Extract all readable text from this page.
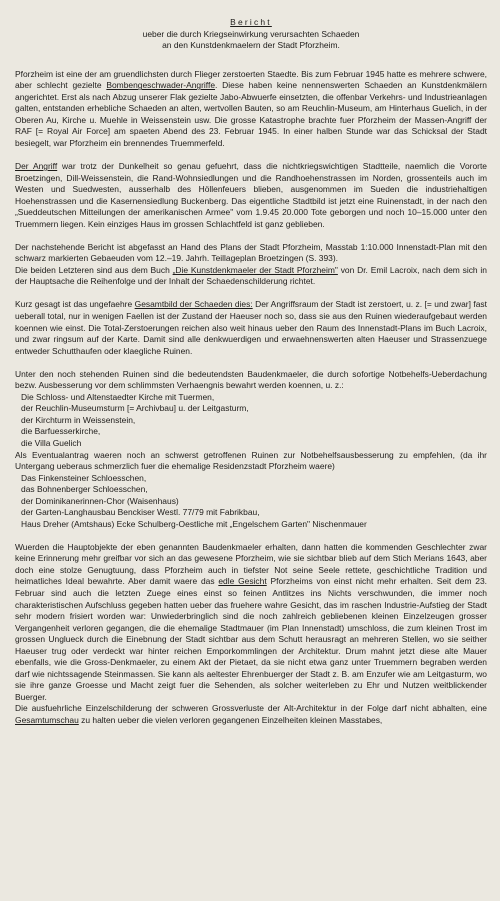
Bericht
ueber die durch Kriegseinwirkung verursachten Schaeden
an den Kunstdenkmaelern der Stadt Pforzheim.

Pforzheim ist eine der am gruendlichsten durch Flieger zerstoerten Staedte. Bis zum Februar 1945 hatte es mehrere schwere, aber schlecht gezielte Bombengeschwader-Angriffe. Diese haben keine nennenswerten Schaeden an Kunstdenkmälern angerichtet. Erst als nach Abzug unserer Flak gezielte Jabo-Abwuerfe einsetzten, die offenbar Verkehrs- und Industrieanlagen galten, entstanden erhebliche Schaeden an alten, wertvollen Bauten, so am Reuchlin-Museum, am Hinterhaus Guelich, in der Oberen Au, Kirche u. Muehle in Weissenstein usw. Die grosse Katastrophe brachte fuer Pforzheim der Massen-Angriff der RAF [= Royal Air Force] am spaeten Abend des 23. Februar 1945. In einer halben Stunde war das Schicksal der Stadt besiegelt, war Pforzheim ein brennendes Truemmerfeld.

Der Angriff war trotz der Dunkelheit so genau gefuehrt, dass die nichtkriegswichtigen Stadtteile, naemlich die Vororte Broetzingen, Dill-Weissenstein, die Rand-Wohnsiedlungen und die Randhoehenstrassen im Norden, grossenteils auch im Westen und Suedwesten, ausserhalb des Höllenfeuers blieben, ausgenommen im Sueden die industriehaltigen Hoehenstrassen und die Kasernensiedlung Buckenberg. Das eigentliche Stadtbild ist jetzt eine Ruinenstadt, in der nach den „Sueddeutschen Mitteilungen der amerikanischen Armee" vom 1.9.45 20.000 Tote geborgen und noch 10–15.000 unter den Truemmern liegen. Kein einziges Haus im grossen Schlachtfeld ist ganz geblieben.

Der nachstehende Bericht ist abgefasst an Hand des Plans der Stadt Pforzheim, Masstab 1:10.000 Innenstadt-Plan mit den schwarz markierten Gebaeuden vom 12.–19. Jahrh. Teillageplan Broetzingen (S. 393).
Die beiden Letzteren sind aus dem Buch „Die Kunstdenkmaeler der Stadt Pforzheim" von Dr. Emil Lacroix, nach dem sich in der Hauptsache die Reihenfolge und der Inhalt der Schaedenschilderung richtet.

Kurz gesagt ist das ungefaehre Gesamtbild der Schaeden dies: Der Angriffsraum der Stadt ist zerstoert, u. z. [= und zwar] fast ueberall total, nur in wenigen Faellen ist der Zustand der Haeuser noch so, dass sie aus den Ruinen wiederaufgebaut werden koennen wie einst. Die Total-Zerstoerungen reichen also weit hinaus ueber den Raum des Innenstadt-Plans im Buch Lacroix, und zwar ringsum auf der Karte. Damit sind alle denkwuerdigen und erwaehnenswerten alten Haeuser und Strassenzuege entweder Schutthaufen oder klaegliche Ruinen.

Unter den noch stehenden Ruinen sind die bedeutendsten Baudenkmaeler, die durch sofortige Notbehelfs-Ueberdachung bezw. Ausbesserung vor dem schlimmsten Verhaengnis bewahrt werden koennen, u. z.:

Die Schloss- und Altenstaedter Kirche mit Tuermen,
der Reuchlin-Museumsturm [= Archivbau] u. der Leitgasturm,
der Kirchturm in Weissenstein,
die Barfuesserkirche,
die Villa Guelich

Als Eventualantrag waeren noch an schwerst getroffenen Ruinen zur Notbehelfsausbesserung zu empfehlen, (da ihr Untergang ueberaus schmerzlich fuer die ehemalige Residenzstadt Pforzheim waere)

Das Finkensteiner Schloesschen,
das Bohnenberger Schloesschen,
der Dominikanerinnen-Chor (Waisenhaus)
der Garten-Langhausbau Benckiser Westl. 77/79 mit Fabrikbau,
Haus Dreher (Amtshaus) Ecke Schulberg-Oestliche mit „Engelschem Garten" Nischenmauer

Wuerden die Hauptobjekte der eben genannten Baudenkmaeler erhalten, dann hatten die kommenden Geschlechter zwar keine Erinnerung mehr greifbar vor sich an das gewesene Pforzheim, wie sie sichtbar blieb auf dem Stich Merians 1643, aber doch eine stolze Genugtuung, dass Pforzheim auch in tiefster Not seine Seele rettete, geschichtliche Tradition und heimatliches Ideal bewahrte. Aber damit waere das edle Gesicht Pforzheims von einst nicht mehr erhalten. Seit dem 23. Februar sind auch die letzten Zuege eines einst so feinen Antlitzes ins Nichts verschwunden, die immer noch charakteristischen Aufschluss gegeben hatten ueber das fruehere wahre Gesicht, das im raschen Industrie-Aufstieg der Stadt sehr modern frisiert worden war: Unwiederbringlich sind die noch zahlreich gebliebenen kleinen Einzelzeugen grosser Vergangenheit verloren gegangen, die die ehemalige Stadtmauer (im Plan Innenstadt) umschloss, die zum kleinen Trost im grossen Unglueck durch die Einebnung der Stadt sichtbar aus dem Schutt herausragt an mehreren Stellen, wo sie seither Haeuser trug oder verdeckt war hinter reichen Emporkommlingen der Architektur. Drum mahnt jetzt diese alte Mauer ebenfalls, wie die Gross-Denkmaeler, zu einem Akt der Pietaet, da sie nicht etwa ganz unter Truemmern begraben werden darf wie nichtssagende Steinmassen. Sie kann als aeltester Ehrenbuerger der Stadt z. B. am Enzufer wie am Leitgasturm, wo sie ihre ganze Groesse und Macht zeigt fuer die Sehenden, als solcher weiterleben zu Ehr und Nutzen weitblickender Buerger.

Die ausfuehrliche Einzelschilderung der schweren Grossverluste der Alt-Architektur in der Folge darf nicht abhalten, eine Gesamtumschau zu halten ueber die vielen verloren gegangenen Einzelheiten kleinen Masstabes,
